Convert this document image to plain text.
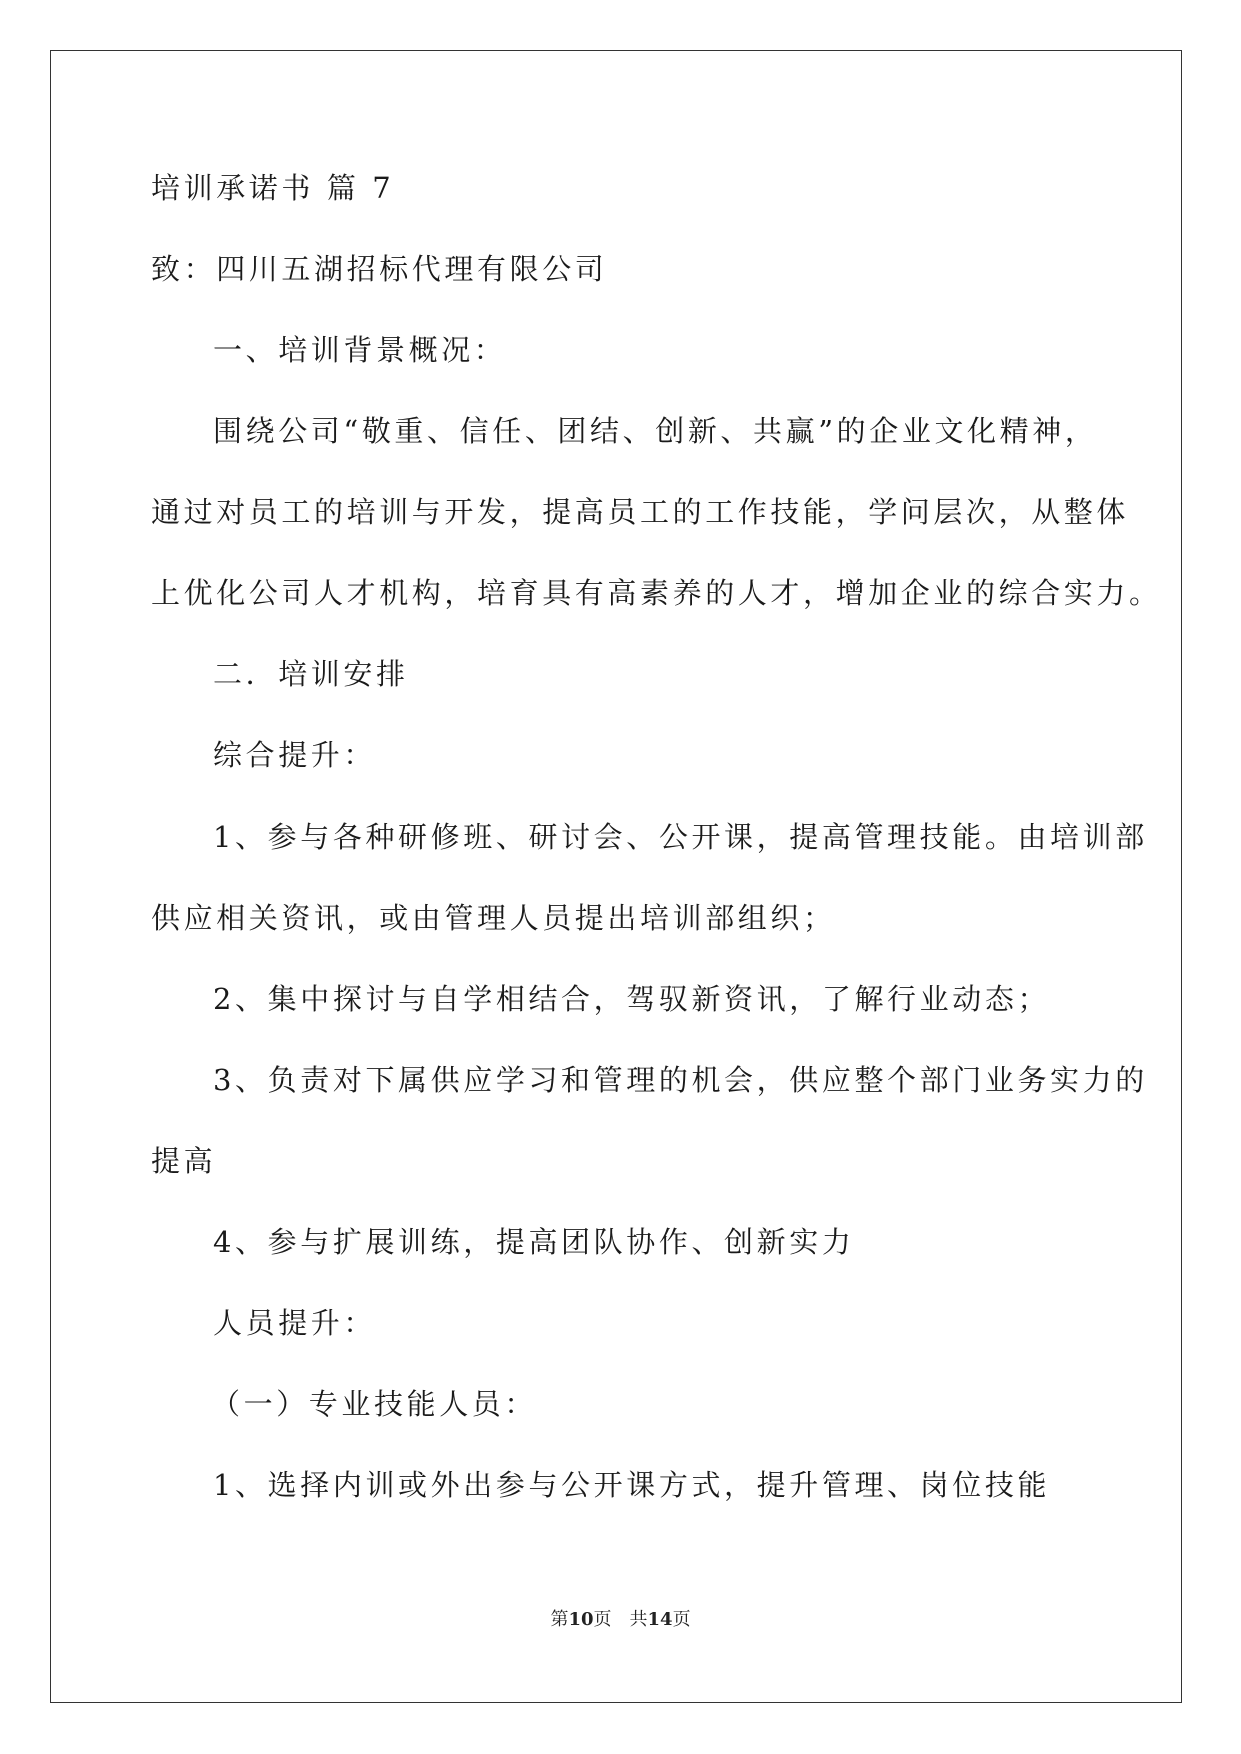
培训承诺书 篇 7
致：四川五湖招标代理有限公司
一、培训背景概况：
围绕公司“敬重、信任、团结、创新、共赢”的企业文化精神，
通过对员工的培训与开发，提高员工的工作技能，学问层次，从整体
上优化公司人才机构，培育具有高素养的人才，增加企业的综合实力。
二．培训安排
综合提升：
1、参与各种研修班、研讨会、公开课，提高管理技能。由培训部
供应相关资讯，或由管理人员提出培训部组织；
2、集中探讨与自学相结合，驾驭新资讯，了解行业动态；
3、负责对下属供应学习和管理的机会，供应整个部门业务实力的
提高
4、参与扩展训练，提高团队协作、创新实力
人员提升：
（一）专业技能人员：
1、选择内训或外出参与公开课方式，提升管理、岗位技能
第10页 共14页
